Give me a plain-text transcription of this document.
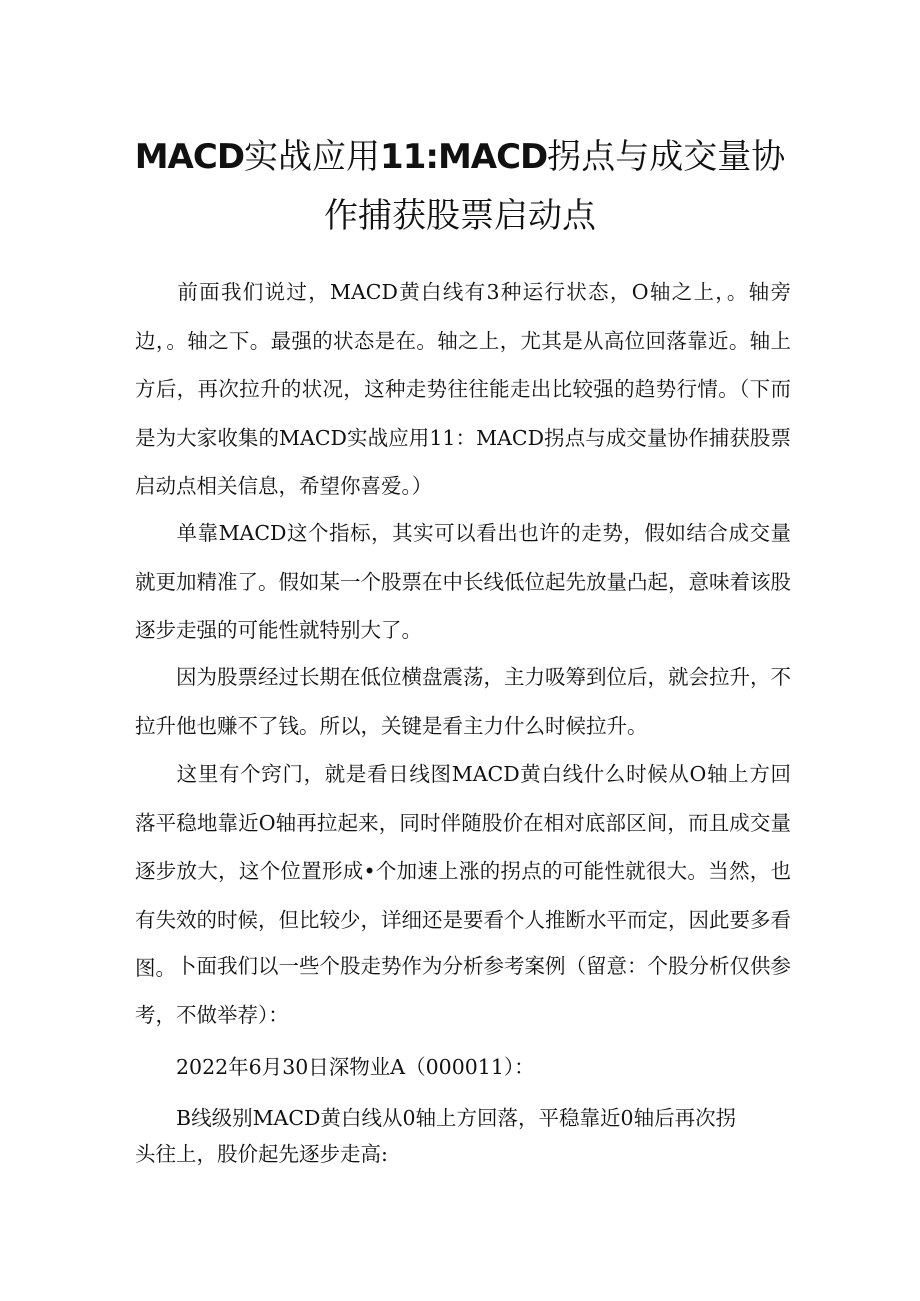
MACD实战应用11:MACD拐点与成交量协
作捕获股票启动点
前面我们说过，MACD黄白线有3种运行状态，O轴之上，。轴旁边，。轴之下。最强的状态是在。轴之上，尤其是从高位回落靠近。轴上方后，再次拉升的状况，这种走势往往能走出比较强的趋势行情。（下而是为大家收集的MACD实战应用11：MACD拐点与成交量协作捕获股票启动点相关信息，希望你喜爱。）
单靠MACD这个指标，其实可以看出也许的走势，假如结合成交量就更加精准了。假如某一个股票在中长线低位起先放量凸起，意味着该股逐步走强的可能性就特别大了。
因为股票经过长期在低位横盘震荡，主力吸筹到位后，就会拉升，不拉升他也赚不了钱。所以，关键是看主力什么时候拉升。
这里有个窍门，就是看日线图MACD黄白线什么时候从O轴上方回落平稳地靠近O轴再拉起来，同时伴随股价在相对底部区间，而且成交量逐步放大，这个位置形成•个加速上涨的拐点的可能性就很大。当然，也有失效的时候，但比较少，详细还是要看个人推断水平而定，因此要多看图。 卜面我们以一些个股走势作为分析参考案例（留意：个股分析仅供参考，不做举荐）：
2022年6月30日深物业A（000011）：
B线级别MACD黄白线从0轴上方回落，平稳靠近0轴后再次拐
头往上，股价起先逐步走高:
